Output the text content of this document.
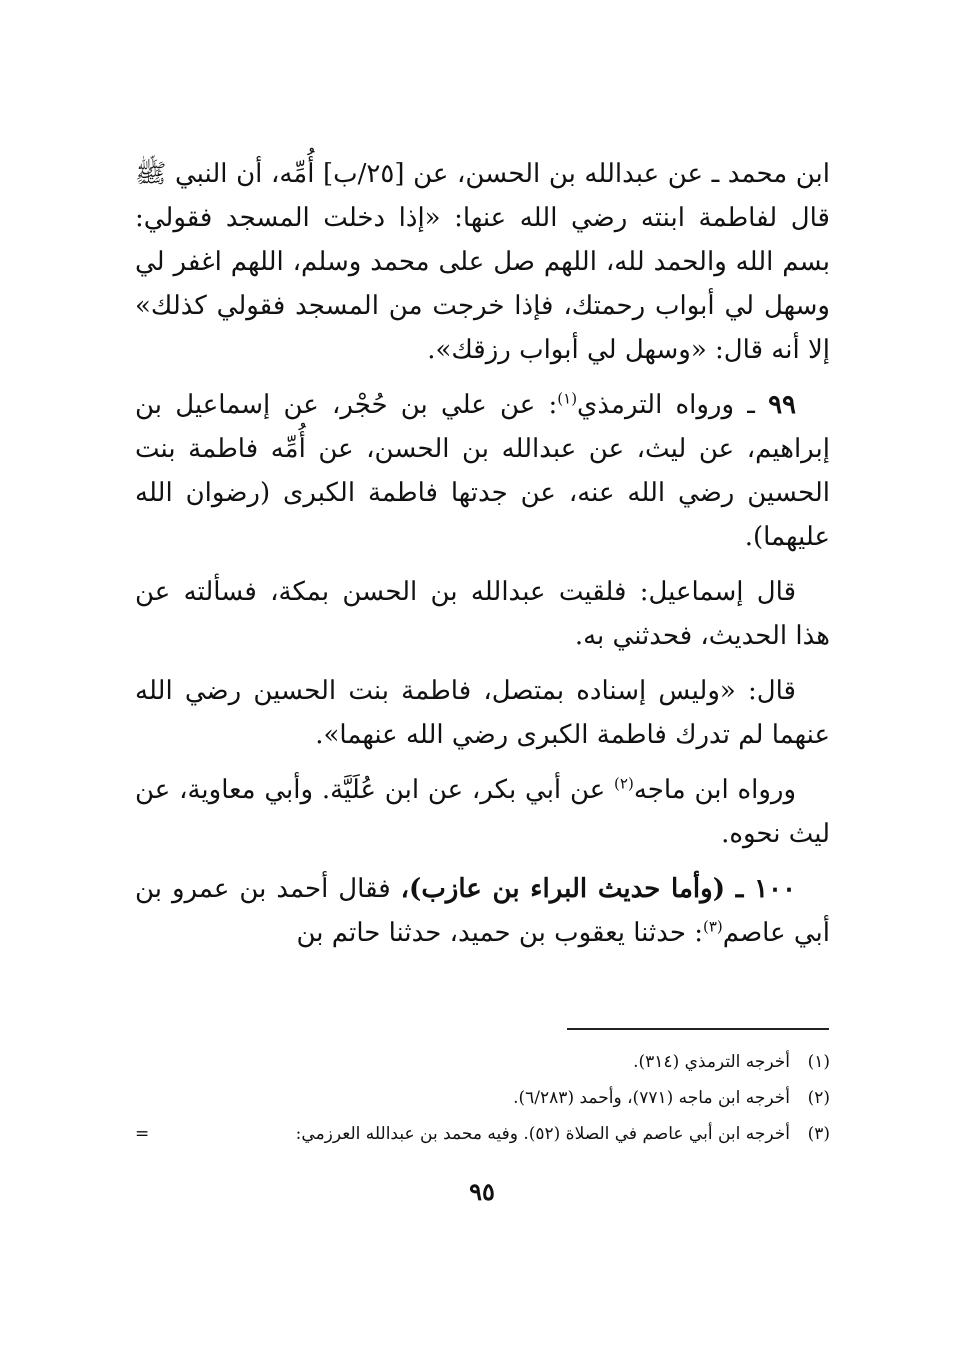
ابن محمد ـ عن عبدالله بن الحسن، عن [٢٥/ب] أُمِّه، أن النبي ﷺ قال لفاطمة ابنته رضي الله عنها: «إذا دخلت المسجد فقولي: بسم الله والحمد لله، اللهم صل على محمد وسلم، اللهم اغفر لي وسهل لي أبواب رحمتك، فإذا خرجت من المسجد فقولي كذلك» إلا أنه قال: «وسهل لي أبواب رزقك».

٩٩ ـ ورواه الترمذي$^{(١)}$: عن علي بن حُجْر، عن إسماعيل بن إبراهيم، عن ليث، عن عبدالله بن الحسن، عن أُمِّه فاطمة بنت الحسين رضي الله عنه، عن جدتها فاطمة الكبرى (رضوان الله عليهما).

قال إسماعيل: فلقيت عبدالله بن الحسن بمكة، فسألته عن هذا الحديث، فحدثني به.

قال: «وليس إسناده بمتصل، فاطمة بنت الحسين رضي الله عنهما لم تدرك فاطمة الكبرى رضي الله عنهما».

ورواه ابن ماجه$^{(٢)}$ عن أبي بكر، عن ابن عُلَيَّة. وأبي معاوية، عن ليث نحوه.

١٠٠ ـ (وأما حديث البراء بن عازب)، فقال أحمد بن عمرو بن أبي عاصم$^{(٣)}$: حدثنا يعقوب بن حميد، حدثنا حاتم بن

(١)
أخرجه الترمذي (٣١٤).
(٢)
أخرجه ابن ماجه (٧٧١)، وأحمد (٦/٢٨٣).
(٣)
أخرجه ابن أبي عاصم في الصلاة (٥٢). وفيه محمد بن عبدالله العرزمي:
=
٩٥
